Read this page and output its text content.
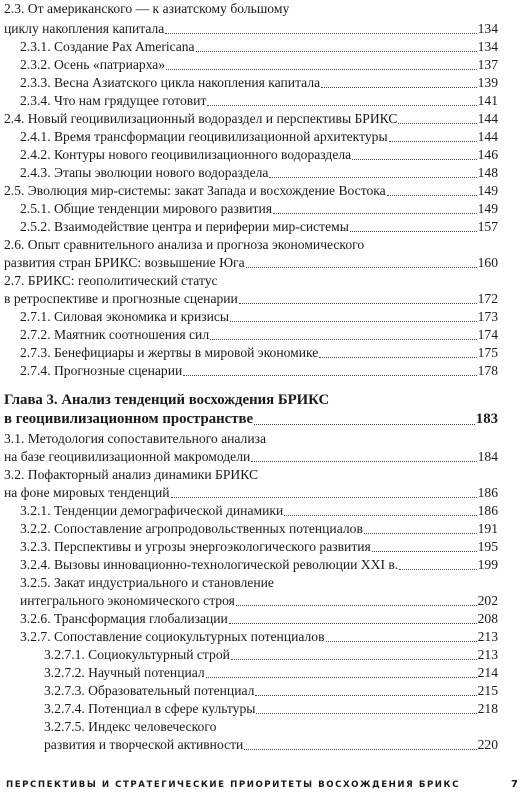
2.3. От американского — к азиатскому большому
циклу накопления капитала	134
2.3.1. Создание Pax Americana	134
2.3.2. Осень «патриарха»	137
2.3.3. Весна Азиатского цикла накопления капитала	139
2.3.4. Что нам грядущее готовит	141
2.4. Новый геоцивилизационный водораздел и перспективы БРИКС	144
2.4.1. Время трансформации геоцивилизационной архитектуры	144
2.4.2. Контуры нового геоцивилизационного водораздела	146
2.4.3. Этапы эволюции нового водораздела	148
2.5. Эволюция мир-системы: закат Запада и восхождение Востока	149
2.5.1. Общие тенденции мирового развития	149
2.5.2. Взаимодействие центра и периферии мир-системы	157
2.6. Опыт сравнительного анализа и прогноза экономического
развития стран БРИКС: возвышение Юга	160
2.7. БРИКС: геополитический статус
в ретроспективе и прогнозные сценарии	172
2.7.1. Силовая экономика и кризисы	173
2.7.2. Маятник соотношения сил	174
2.7.3. Бенефициары и жертвы в мировой экономике	175
2.7.4. Прогнозные сценарии	178
Глава 3. Анализ тенденций восхождения БРИКС
в геоцивилизационном пространстве	183
3.1. Методология сопоставительного анализа
на базе геоцивилизационной макромодели	184
3.2. Пофакторный анализ динамики БРИКС
на фоне мировых тенденций	186
3.2.1. Тенденции демографической динамики	186
3.2.2. Сопоставление агропродовольственных потенциалов	191
3.2.3. Перспективы и угрозы энергоэкологического развития	195
3.2.4. Вызовы инновационно-технологической революции XXI в.	199
3.2.5. Закат индустриального и становление
интегрального экономического строя	202
3.2.6. Трансформация глобализации	208
3.2.7. Сопоставление социокультурных потенциалов	213
3.2.7.1. Социокультурный строй	213
3.2.7.2. Научный потенциал	214
3.2.7.3. Образовательный потенциал	215
3.2.7.4. Потенциал в сфере культуры	218
3.2.7.5. Индекс человеческого
развития и творческой активности	220
ПЕРСПЕКТИВЫ И СТРАТЕГИЧЕСКИЕ ПРИОРИТЕТЫ ВОСХОЖДЕНИЯ БРИКС	7
